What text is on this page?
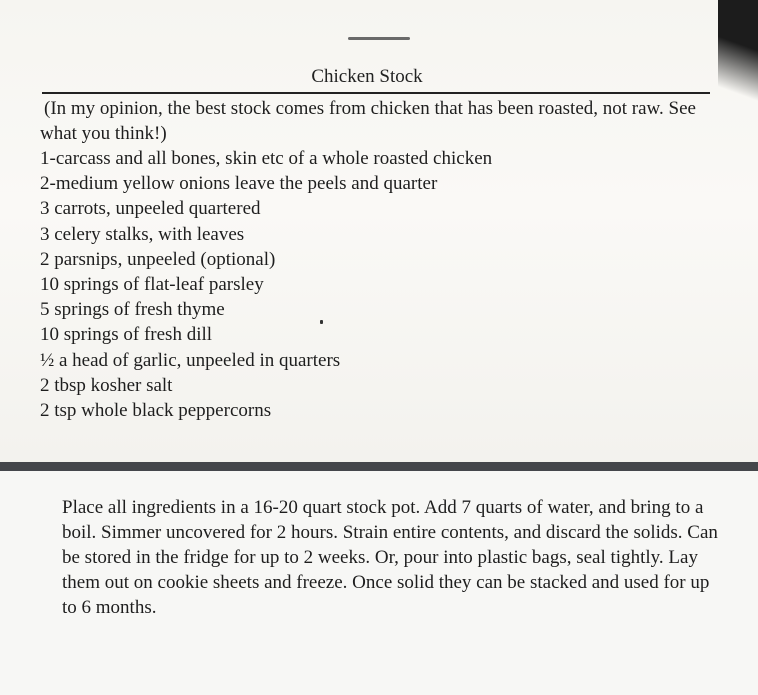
Chicken Stock

(In my opinion, the best stock comes from chicken that has been roasted, not raw. See what you think!)

1-carcass and all bones, skin etc of a whole roasted chicken
2-medium yellow onions leave the peels and quarter
3 carrots, unpeeled quartered
3 celery stalks, with leaves
2 parsnips, unpeeled (optional)
10 springs of flat-leaf parsley
5 springs of fresh thyme
10 springs of fresh dill
½ a head of garlic, unpeeled in quarters
2 tbsp kosher salt
2 tsp whole black peppercorns

Place all ingredients in a 16-20 quart stock pot. Add 7 quarts of water, and bring to a boil. Simmer uncovered for 2 hours. Strain entire contents, and discard the solids. Can be stored in the fridge for up to 2 weeks. Or, pour into plastic bags, seal tightly. Lay them out on cookie sheets and freeze. Once solid they can be stacked and used for up to 6 months.
